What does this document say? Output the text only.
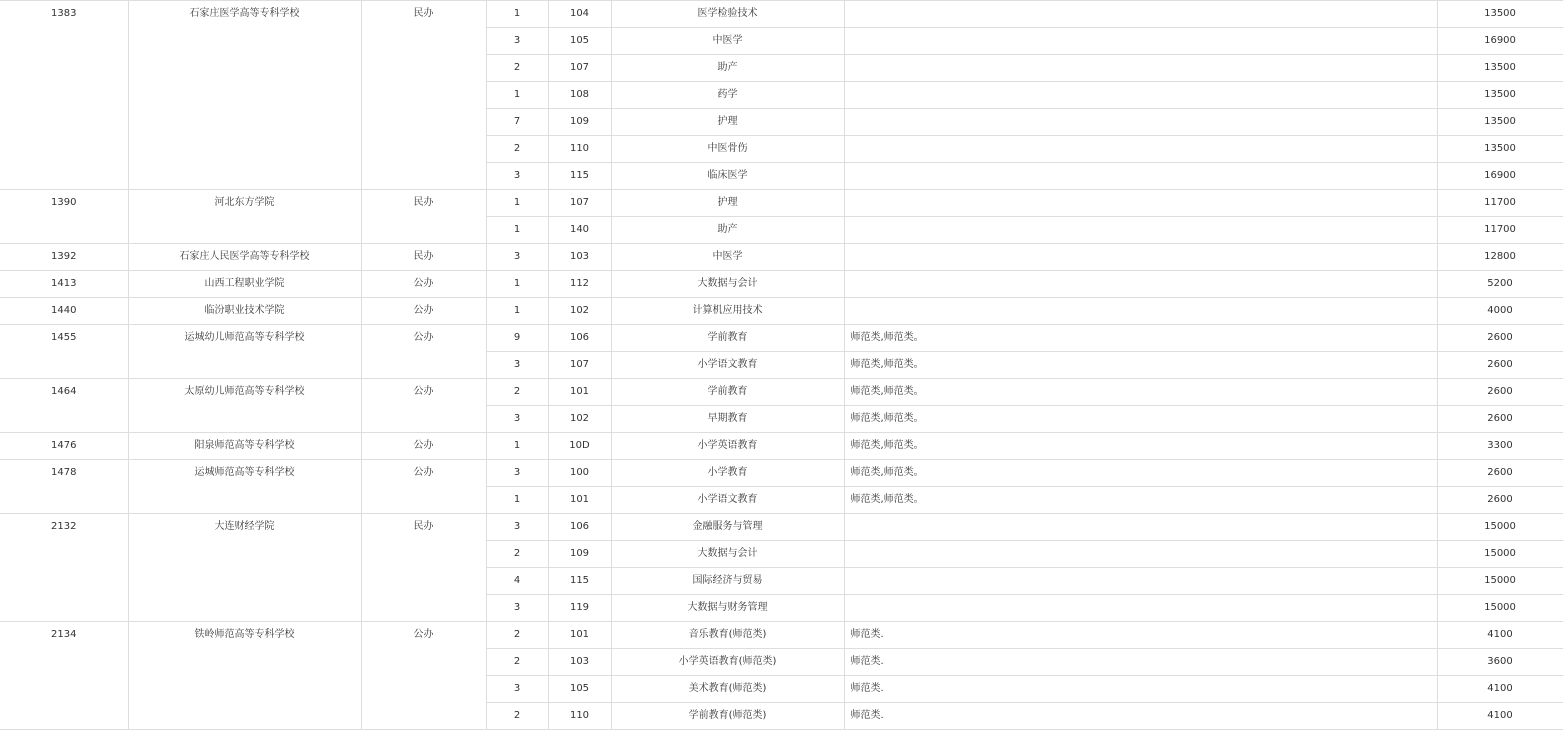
1383	石家庄医学高等专科学校	民办	1	104	医学检验技术		13500
			3	105	中医学		16900
			2	107	助产		13500
			1	108	药学		13500
			7	109	护理		13500
			2	110	中医骨伤		13500
			3	115	临床医学		16900
1390	河北东方学院	民办	1	107	护理		11700
			1	140	助产		11700
1392	石家庄人民医学高等专科学校	民办	3	103	中医学		12800
1413	山西工程职业学院	公办	1	112	大数据与会计		5200
1440	临汾职业技术学院	公办	1	102	计算机应用技术		4000
1455	运城幼儿师范高等专科学校	公办	9	106	学前教育	师范类,师范类。	2600
			3	107	小学语文教育	师范类,师范类。	2600
1464	太原幼儿师范高等专科学校	公办	2	101	学前教育	师范类,师范类。	2600
			3	102	早期教育	师范类,师范类。	2600
1476	阳泉师范高等专科学校	公办	1	10D	小学英语教育	师范类,师范类。	3300
1478	运城师范高等专科学校	公办	3	100	小学教育	师范类,师范类。	2600
			1	101	小学语文教育	师范类,师范类。	2600
2132	大连财经学院	民办	3	106	金融服务与管理		15000
			2	109	大数据与会计		15000
			4	115	国际经济与贸易		15000
			3	119	大数据与财务管理		15000
2134	铁岭师范高等专科学校	公办	2	101	音乐教育(师范类)	师范类.	4100
			2	103	小学英语教育(师范类)	师范类.	3600
			3	105	美术教育(师范类)	师范类.	4100
			2	110	学前教育(师范类)	师范类.	4100
